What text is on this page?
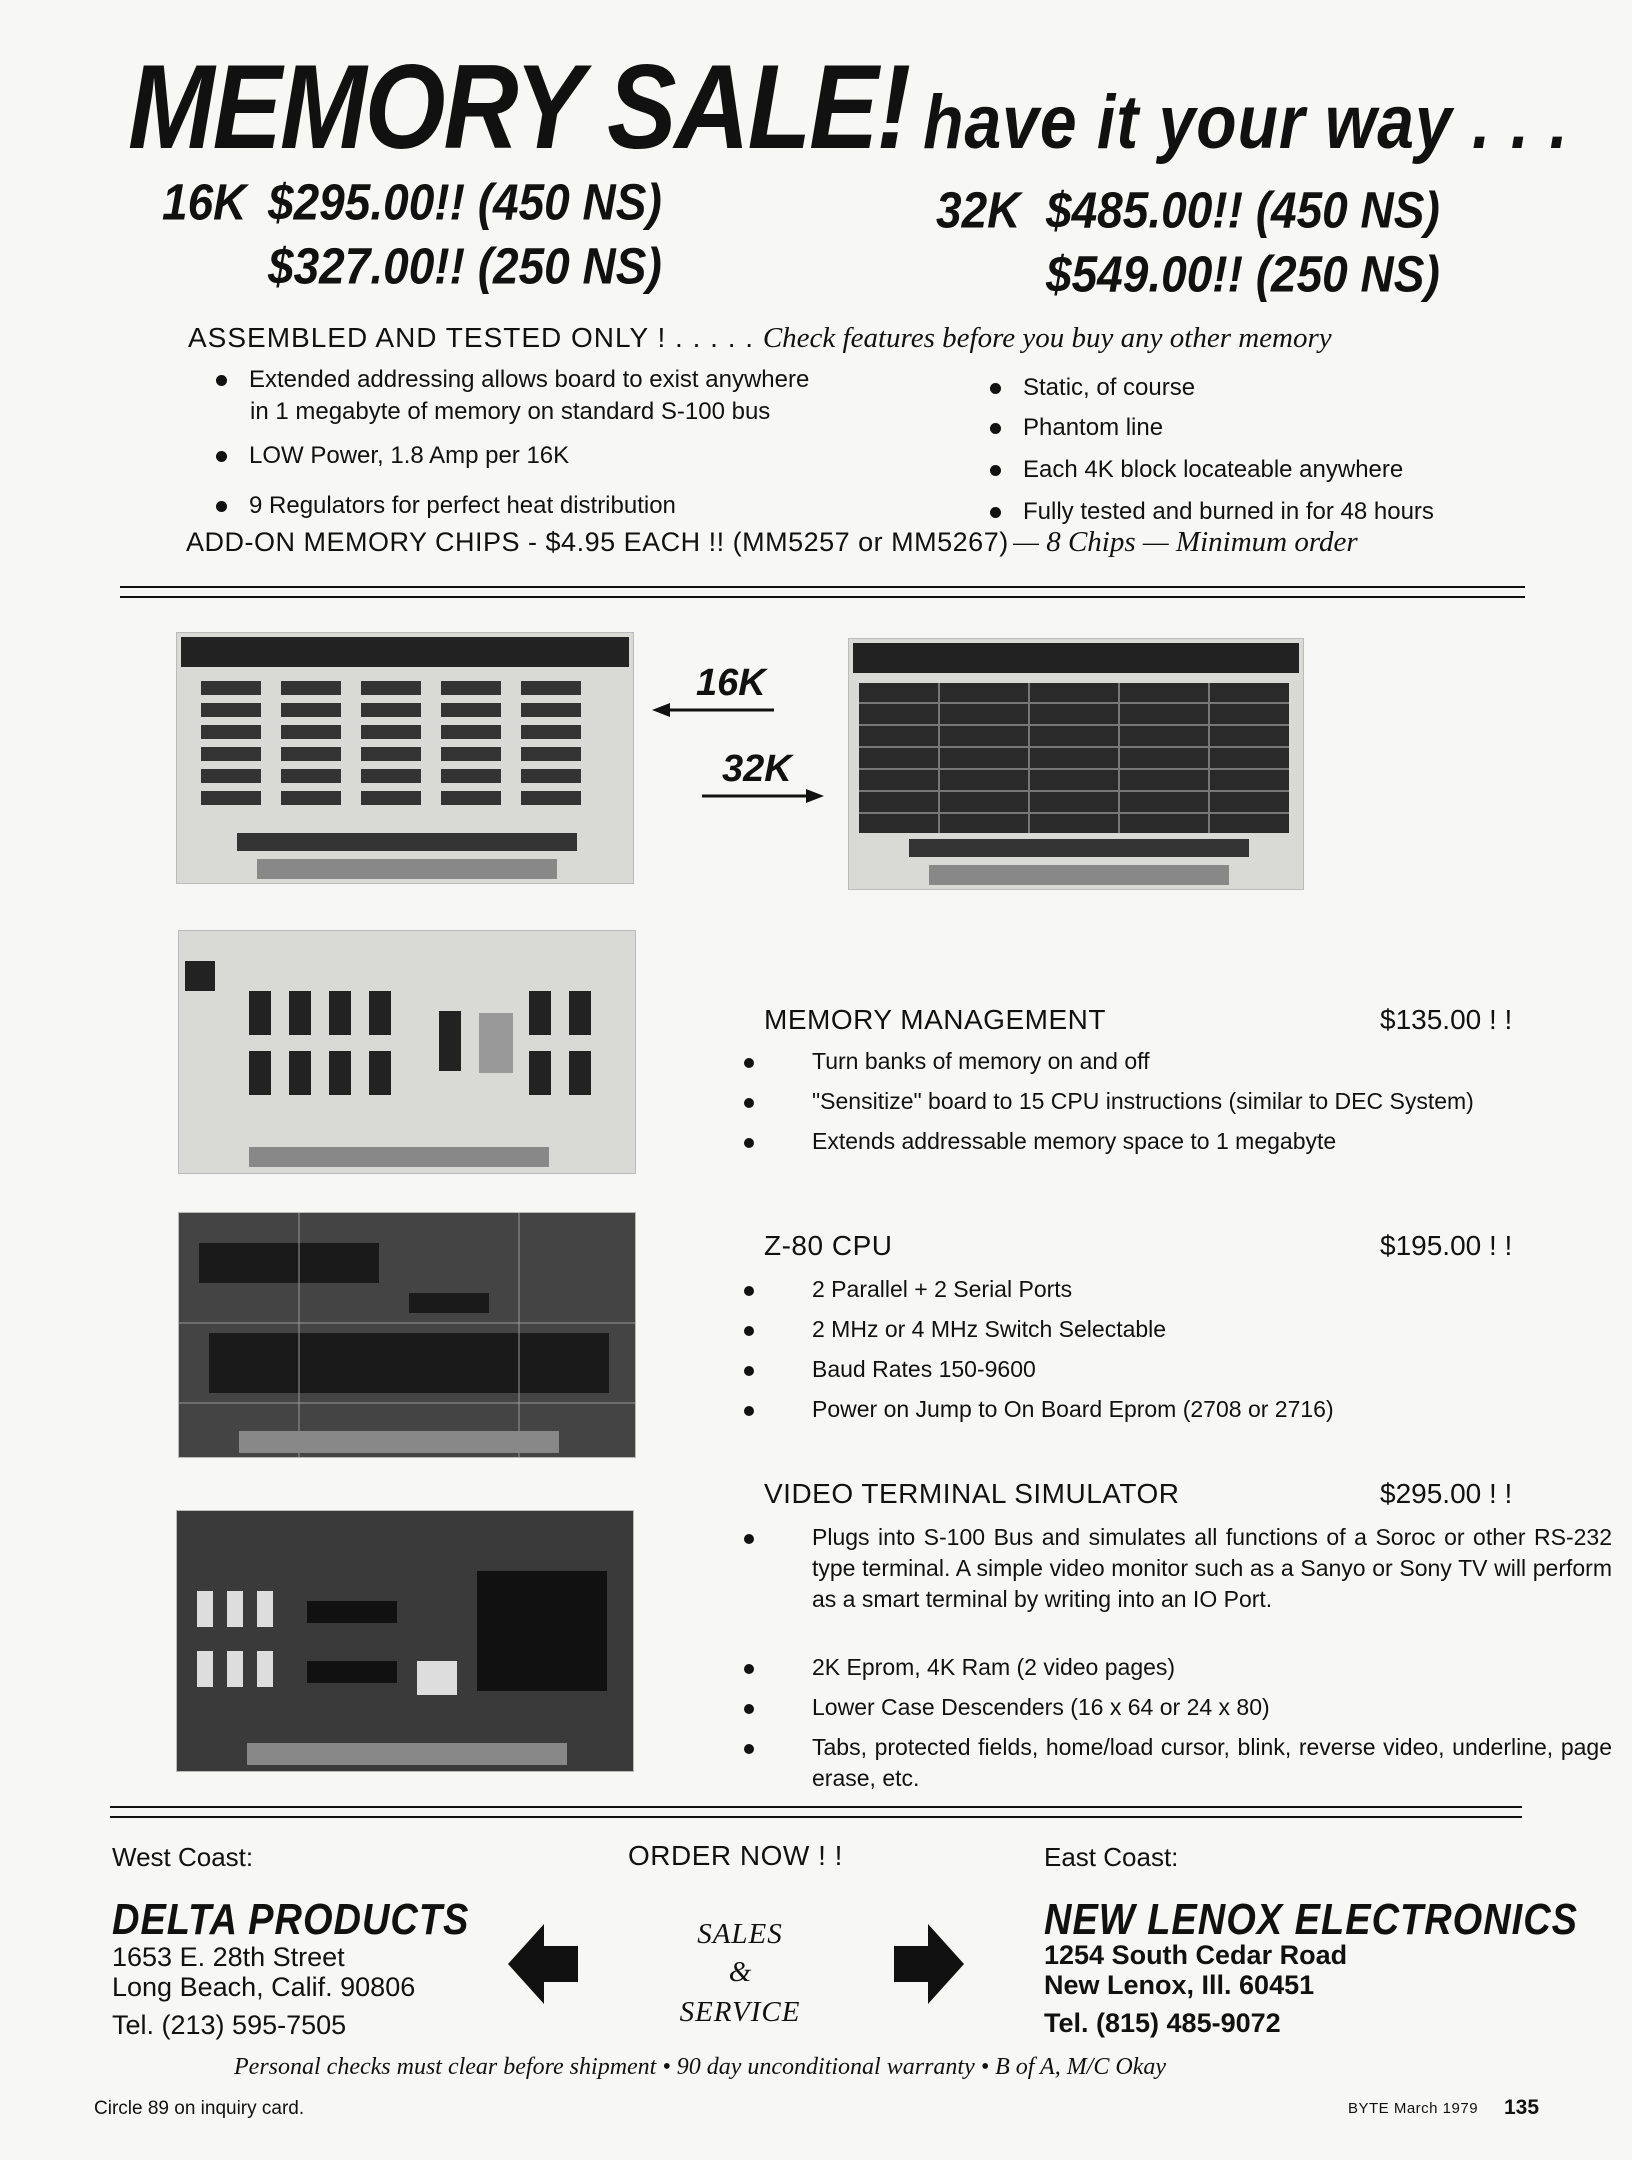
MEMORY SALE! have it your way . . .
16K $295.00!! (450 NS)
$327.00!! (250 NS)
32K $485.00!! (450 NS)
$549.00!! (250 NS)
ASSEMBLED AND TESTED ONLY ! . . . . . Check features before you buy any other memory
Extended addressing allows board to exist anywhere
in 1 megabyte of memory on standard S-100 bus
LOW Power, 1.8 Amp per 16K
9 Regulators for perfect heat distribution
Static, of course
Phantom line
Each 4K block locateable anywhere
Fully tested and burned in for 48 hours
ADD-ON MEMORY CHIPS - $4.95 EACH !! (MM5257 or MM5267) — 8 Chips — Minimum order
16K
32K
MEMORY MANAGEMENT	$135.00 ! !
Turn banks of memory on and off
"Sensitize" board to 15 CPU instructions (similar to DEC System)
Extends addressable memory space to 1 megabyte
Z-80 CPU	$195.00 ! !
2 Parallel + 2 Serial Ports
2 MHz or 4 MHz Switch Selectable
Baud Rates 150-9600
Power on Jump to On Board Eprom (2708 or 2716)
VIDEO TERMINAL SIMULATOR	$295.00 ! !
Plugs into S-100 Bus and simulates all functions of a Soroc or other RS-232 type terminal. A simple video monitor such as a Sanyo or Sony TV will perform as a smart terminal by writing into an IO Port.
2K Eprom, 4K Ram (2 video pages)
Lower Case Descenders (16 x 64 or 24 x 80)
Tabs, protected fields, home/load cursor, blink, reverse video, underline, page erase, etc.
West Coast:	ORDER NOW ! !	East Coast:
DELTA PRODUCTS
1653 E. 28th Street
Long Beach, Calif. 90806
Tel. (213) 595-7505
SALES
&
SERVICE
NEW LENOX ELECTRONICS
1254 South Cedar Road
New Lenox, Ill. 60451
Tel. (815) 485-9072
Personal checks must clear before shipment • 90 day unconditional warranty • B of A, M/C Okay
Circle 89 on inquiry card.	BYTE March 1979 135
